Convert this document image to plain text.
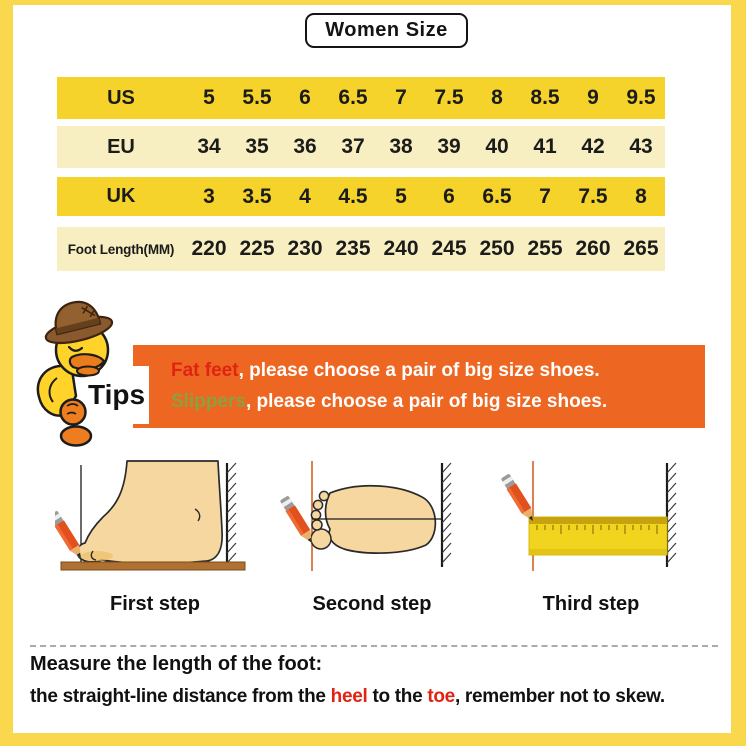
Women Size
US	5	5.5	6	6.5	7	7.5	8	8.5	9	9.5
EU	34	35	36	37	38	39	40	41	42	43
UK	3	3.5	4	4.5	5	6	6.5	7	7.5	8
Foot Length(MM) 220 225 230 235 240 245 250 255 260 265
Fat feet, please choose a pair of big size shoes.
Slippers, please choose a pair of big size shoes.
Tips
First step	Second step	Third step
Measure the length of the foot:
the straight-line distance from the heel to the toe, remember not to skew.
